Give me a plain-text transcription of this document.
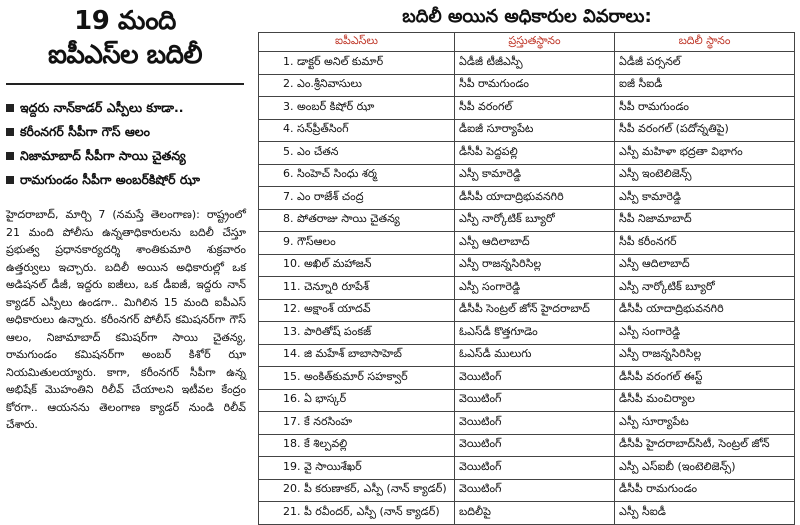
19 మంది
ఐపీఎస్‌ల బదిలీ
ఇద్దరు నాన్‌కాడర్ ఎస్పీలు కూడా..
కరీంనగర్ సీపీగా గౌస్ ఆలం
నిజామాబాద్ సీపీగా సాయి చైతన్య
రామగుండం సీపీగా అంబర్‌కిషోర్ ఝా

హైదరాబాద్, మార్చి 7 (నమస్తే తెలంగాణ): రాష్ట్రంలో 21 మంది పోలీసు ఉన్నతాధికారులను బదిలీ చేస్తూ ప్రభుత్వ ప్రధానకార్యదర్శి శాంతికుమారి శుక్రవారం ఉత్తర్వులు ఇచ్చారు. బదిలీ అయిన అధికారుల్లో ఒక అడిషనల్ డీజీ, ఇద్దరు ఐజీలు, ఒక డీఐజీ, ఇద్దరు నాన్ క్యాడర్ ఎస్పీలు ఉండగా.. మిగిలిన 15 మంది ఐపీఎస్ అధికారులు ఉన్నారు. కరీంనగర్ పోలీస్ కమిషనర్‌గా గౌస్ ఆలం, నిజామాబాద్ కమిషర్‌గా సాయి చైతన్య, రామగుండం కమిషనర్‌గా అంబర్ కిశోర్ ఝా నియమితులయ్యారు. కాగా, కరీంనగర్ సీపీగా ఉన్న అభిషేక్ మొహంతిని రిలీవ్ చేయాలని ఇటీవల కేంద్రం కోరగా.. ఆయనను తెలంగాణ క్యాడర్ నుండి రిలీవ్ చేశారు.

బదిలీ అయిన అధికారుల వివరాలు:
ఐపీఎస్‌లు	ప్రస్తుతస్థానం	బదిలీ స్థానం
1. డాక్టర్ అనిల్ కుమార్	ఏడీజీ టీజీఎస్పీ	ఏడీజీ పర్సనల్
2. ఎం.శ్రీనివాసులు	సీపీ రామగుండం	ఐజీ సీఐడీ
3. అంబర్ కిషోర్ ఝా	సీపీ వరంగల్	సీపీ రామగుండం
4. సన్‌ప్రీత్‌సింగ్	డీఐజీ సూర్యాపేట	సీపీ వరంగల్ (పదోన్నతిపై)
5. ఎం చేతన	డీసీపీ పెద్దపల్లి	ఎస్పీ మహిళా భద్రతా విభాగం
6. సింహెచ్ సింధు శర్మ	ఎస్పీ కామారెడ్డి	ఎస్పీ ఇంటెలిజెన్స్
7. ఎం రాజేశ్ చంద్ర	డీసీపీ యాదాద్రిభువనగిరి	ఎస్పీ కామారెడ్డి
8. పోతరాజు సాయి చైతన్య	ఎస్పీ నార్కోటిక్ బ్యూరో	సీపీ నిజామాబాద్
9. గౌస్‌ఆలం	ఎస్పీ ఆదిలాబాద్	సీపీ కరీంనగర్
10. అఖిల్ మహాజన్	ఎస్పీ రాజన్నసిరిసిల్ల	ఎస్పీ ఆదిలాబాద్
11. చెన్నూరి రూపేశ్	ఎస్పీ సంగారెడ్డి	ఎస్పీ నార్కోటిక్ బ్యూరో
12. అక్షాంశ్ యాదవ్	డీసీపీ సెంట్రల్ జోన్ హైదరాబాద్	డీసీపీ యాదాద్రిభువనగిరి
13. పారితోష్ పంకజ్	ఓఎస్‌డీ కొత్తగూడెం	ఎస్పీ సంగారెడ్డి
14. జి మహేశ్ బాబాసాహెబ్	ఓఎస్‌డీ ములుగు	ఎస్పీ రాజన్నసిరిసిల్ల
15. అంకిత్‌కుమార్ సహక్వార్	వెయిటింగ్	డీసీపీ వరంగల్ ఈస్ట్
16. ఏ భాస్కర్	వెయిటింగ్	డీసీపీ మంచిర్యాల
17. కే నరసింహ	వెయిటింగ్	ఎస్పీ సూర్యాపేట
18. కే శిల్పవల్లి	వెయిటింగ్	డీసీపీ హైదరాబాద్‌సిటీ, సెంట్రల్ జోన్
19. వై సాయిశేఖర్	వెయిటింగ్	ఎస్పీ ఎస్‌ఐబీ (ఇంటెలిజెన్స్)
20. పీ కరుణాకర్, ఎస్పీ (నాన్ క్యాడర్)	వెయిటింగ్	డీసీపీ రామగుండం
21. పీ రవీందర్, ఎస్పీ (నాన్ క్యాడర్)	బదిలీపై	ఎస్పీ సీఐడీ
